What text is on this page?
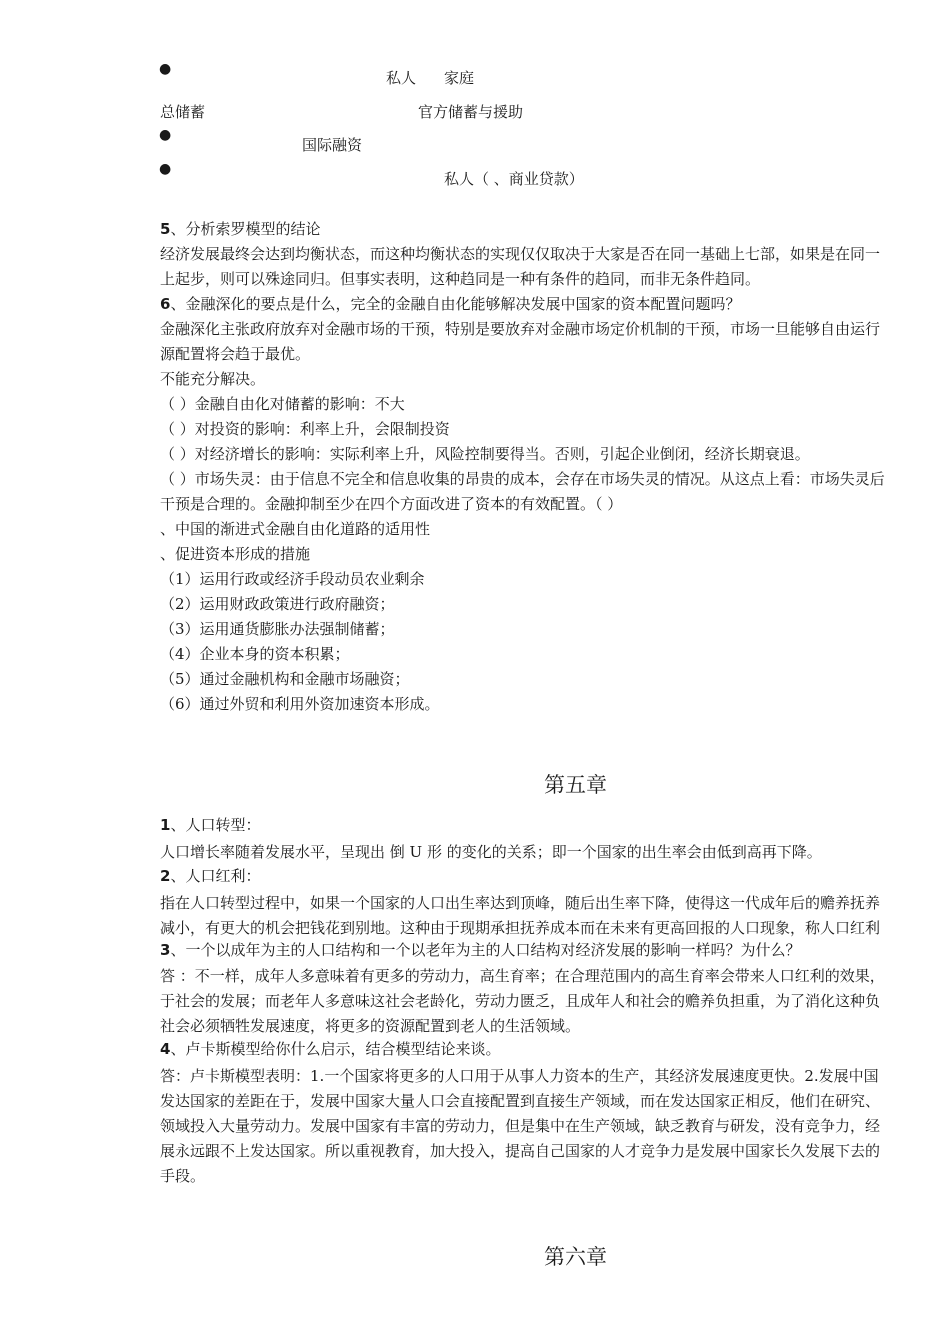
●	私人 家庭
总储蓄	官方储蓄与援助
●
国际融资
●
私人（ 、商业贷款）
5、分析索罗模型的结论
经济发展最终会达到均衡状态，而这种均衡状态的实现仅仅取决于大家是否在同一基础上七部，如果是在同一
上起步，则可以殊途同归。但事实表明，这种趋同是一种有条件的趋同，而非无条件趋同。
6、金融深化的要点是什么，完全的金融自由化能够解决发展中国家的资本配置问题吗？
金融深化主张政府放弃对金融市场的干预，特别是要放弃对金融市场定价机制的干预，市场一旦能够自由运行
源配置将会趋于最优。
不能充分解决。
（ ）金融自由化对储蓄的影响：不大
（ ）对投资的影响：利率上升，会限制投资
（ ）对经济增长的影响：实际利率上升，风险控制要得当。否则，引起企业倒闭，经济长期衰退。
（ ）市场失灵：由于信息不完全和信息收集的昂贵的成本，会存在市场失灵的情况。从这点上看：市场失灵后
干预是合理的。金融抑制至少在四个方面改进了资本的有效配置。（ ）
、中国的渐进式金融自由化道路的适用性
、促进资本形成的措施
（1）运用行政或经济手段动员农业剩余
（2）运用财政政策进行政府融资；
（3）运用通货膨胀办法强制储蓄；
（4）企业本身的资本积累；
（5）通过金融机构和金融市场融资；
（6）通过外贸和利用外资加速资本形成。
第五章
1、人口转型：
人口增长率随着发展水平，呈现出 倒 U 形 的变化的关系；即一个国家的出生率会由低到高再下降。
2、人口红利：
指在人口转型过程中，如果一个国家的人口出生率达到顶峰，随后出生率下降，使得这一代成年后的赡养抚养
减小，有更大的机会把钱花到别地。这种由于现期承担抚养成本而在未来有更高回报的人口现象，称人口红利
3、一个以成年为主的人口结构和一个以老年为主的人口结构对经济发展的影响一样吗？为什么？
答 ：不一样，成年人多意味着有更多的劳动力，高生育率；在合理范围内的高生育率会带来人口红利的效果，
于社会的发展；而老年人多意味这社会老龄化，劳动力匮乏，且成年人和社会的赡养负担重，为了消化这种负
社会必须牺牲发展速度，将更多的资源配置到老人的生活领域。
4、卢卡斯模型给你什么启示，结合模型结论来谈。
答：卢卡斯模型表明：1.一个国家将更多的人口用于从事人力资本的生产，其经济发展速度更快。2.发展中国
发达国家的差距在于，发展中国家大量人口会直接配置到直接生产领域，而在发达国家正相反，他们在研究、
领域投入大量劳动力。发展中国家有丰富的劳动力，但是集中在生产领域，缺乏教育与研发，没有竞争力，经
展永远跟不上发达国家。所以重视教育，加大投入，提高自己国家的人才竞争力是发展中国家长久发展下去的
手段。
第六章
